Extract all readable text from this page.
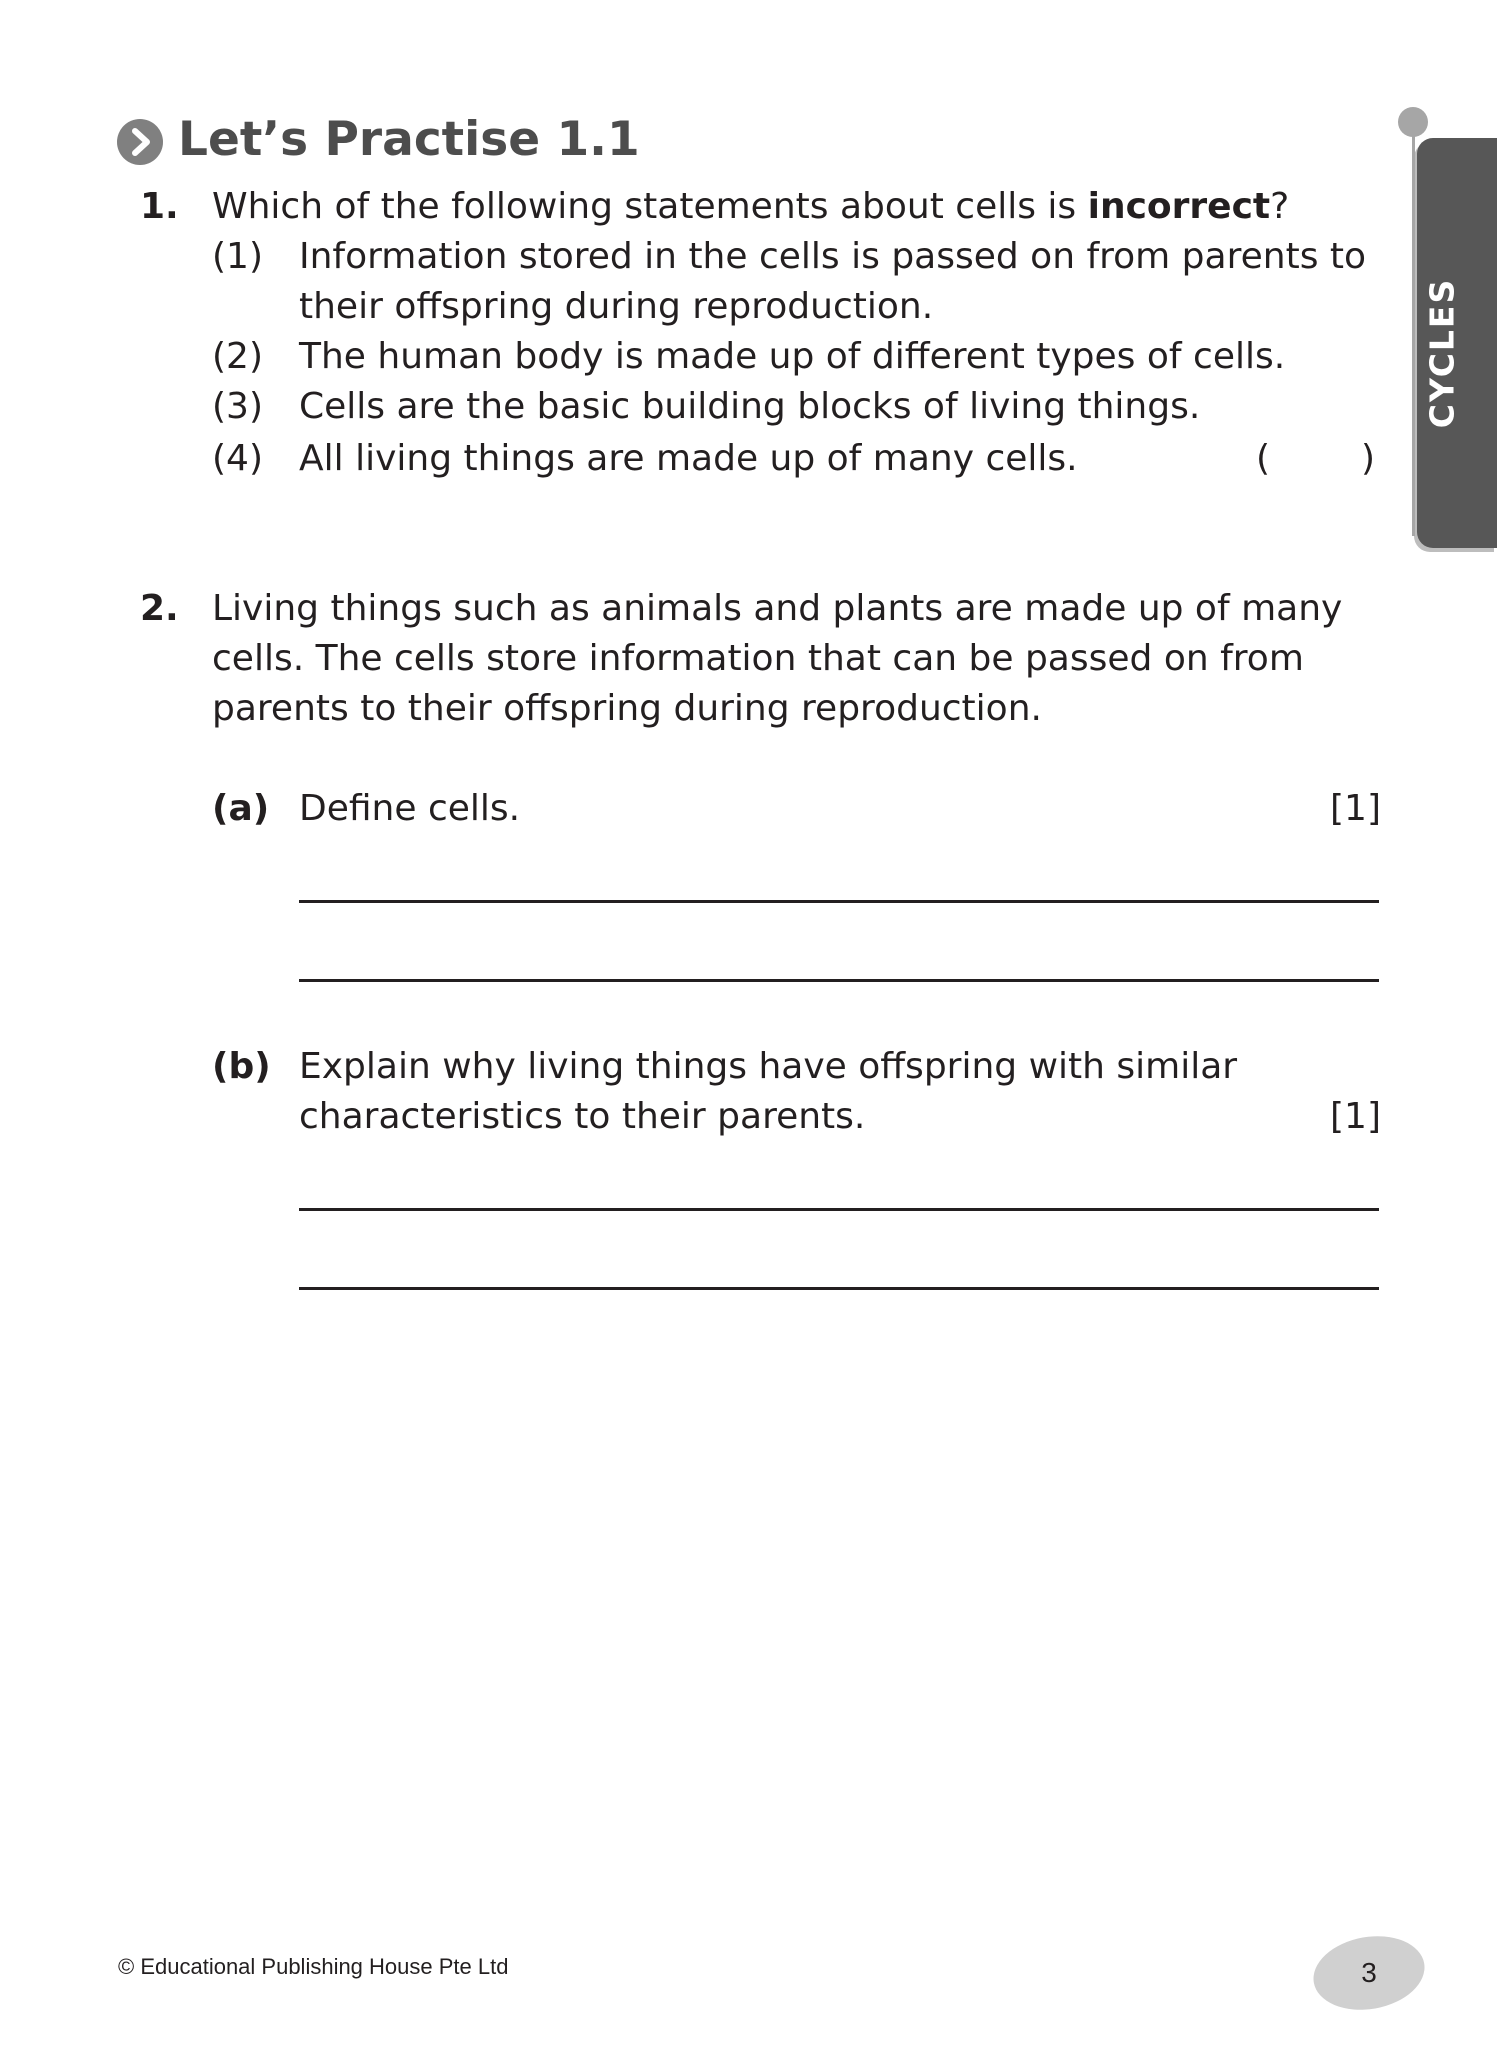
Let’s Practise 1.1
CYCLES
1. Which of the following statements about cells is incorrect?
(1) Information stored in the cells is passed on from parents to
their offspring during reproduction.
(2) The human body is made up of different types of cells.
(3) Cells are the basic building blocks of living things.
(4) All living things are made up of many cells.	(	)
2. Living things such as animals and plants are made up of many
cells. The cells store information that can be passed on from
parents to their offspring during reproduction.
(a) Define cells.	[1]
(b) Explain why living things have offspring with similar
characteristics to their parents.	[1]
© Educational Publishing House Pte Ltd	3
